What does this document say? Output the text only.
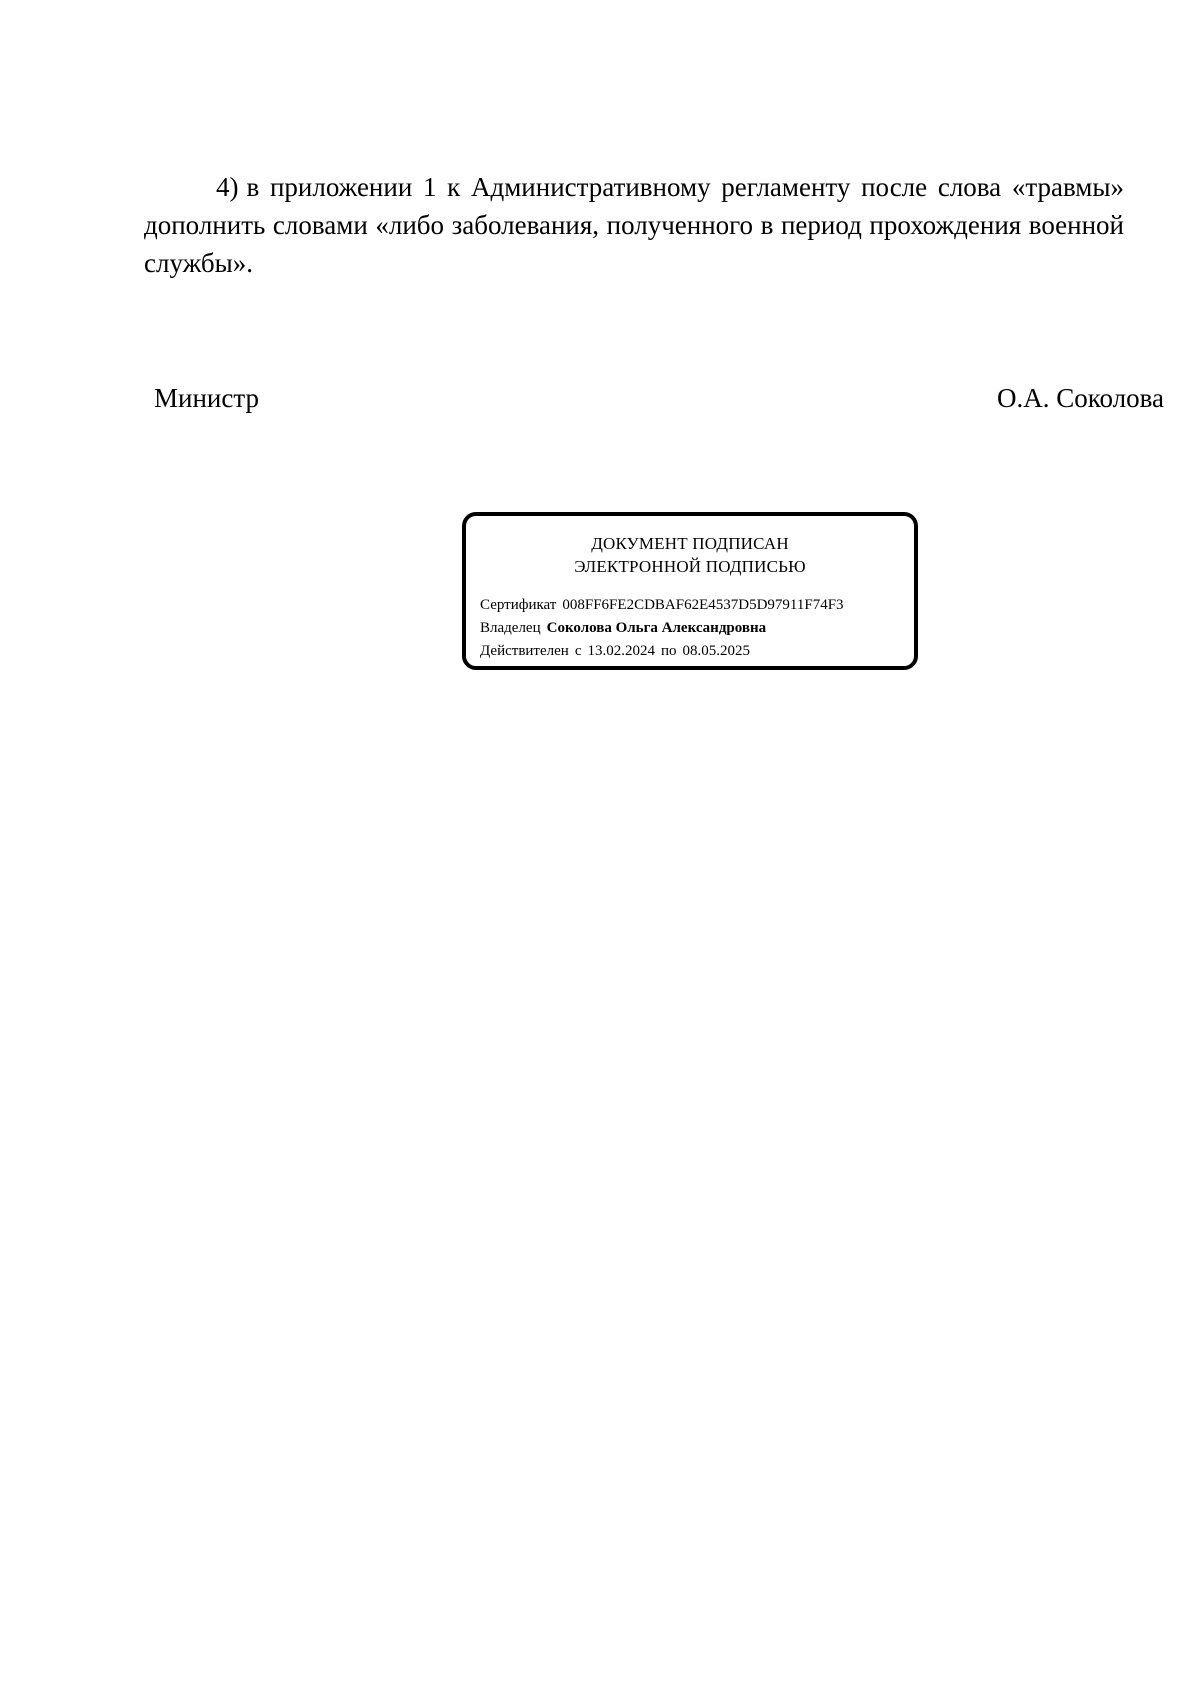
4) в приложении 1 к Административному регламенту после слова «травмы» дополнить словами «либо заболевания, полученного в период прохождения военной службы».
Министр	О.А. Соколова
ДОКУМЕНТ ПОДПИСАН
ЭЛЕКТРОННОЙ ПОДПИСЬЮ
Сертификат 008FF6FE2CDBAF62E4537D5D97911F74F3
Владелец Соколова Ольга Александровна
Действителен с 13.02.2024 по 08.05.2025
